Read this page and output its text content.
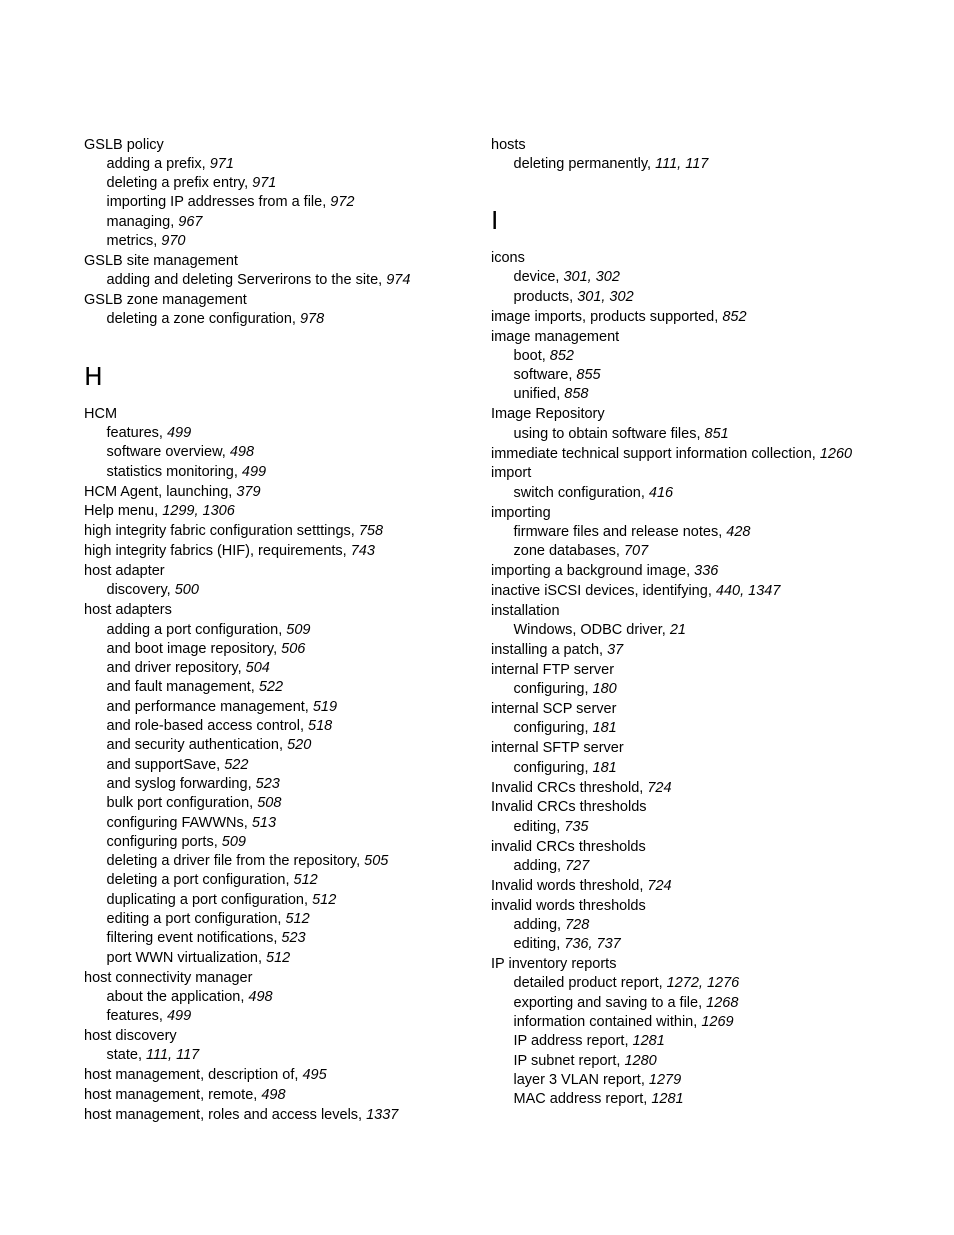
GSLB policy
adding a prefix, 971
deleting a prefix entry, 971
importing IP addresses from a file, 972
managing, 967
metrics, 970
GSLB site management
adding and deleting Serverirons to the site, 974
GSLB zone management
deleting a zone configuration, 978
H
HCM
features, 499
software overview, 498
statistics monitoring, 499
HCM Agent, launching, 379
Help menu, 1299, 1306
high integrity fabric configuration setttings, 758
high integrity fabrics (HIF), requirements, 743
host adapter
discovery, 500
host adapters
adding a port configuration, 509
and boot image repository, 506
and driver repository, 504
and fault management, 522
and performance management, 519
and role-based access control, 518
and security authentication, 520
and supportSave, 522
and syslog forwarding, 523
bulk port configuration, 508
configuring FAWWNs, 513
configuring ports, 509
deleting a driver file from the repository, 505
deleting a port configuration, 512
duplicating a port configuration, 512
editing a port configuration, 512
filtering event notifications, 523
port WWN virtualization, 512
host connectivity manager
about the application, 498
features, 499
host discovery
state, 111, 117
host management, description of, 495
host management, remote, 498
host management, roles and access levels, 1337
hosts
deleting permanently, 111, 117
I
icons
device, 301, 302
products, 301, 302
image imports, products supported, 852
image management
boot, 852
software, 855
unified, 858
Image Repository
using to obtain software files, 851
immediate technical support information collection, 1260
import
switch configuration, 416
importing
firmware files and release notes, 428
zone databases, 707
importing a background image, 336
inactive iSCSI devices, identifying, 440, 1347
installation
Windows, ODBC driver, 21
installing a patch, 37
internal FTP server
configuring, 180
internal SCP server
configuring, 181
internal SFTP server
configuring, 181
Invalid CRCs threshold, 724
Invalid CRCs thresholds
editing, 735
invalid CRCs thresholds
adding, 727
Invalid words threshold, 724
invalid words thresholds
adding, 728
editing, 736, 737
IP inventory reports
detailed product report, 1272, 1276
exporting and saving to a file, 1268
information contained within, 1269
IP address report, 1281
IP subnet report, 1280
layer 3 VLAN report, 1279
MAC address report, 1281
